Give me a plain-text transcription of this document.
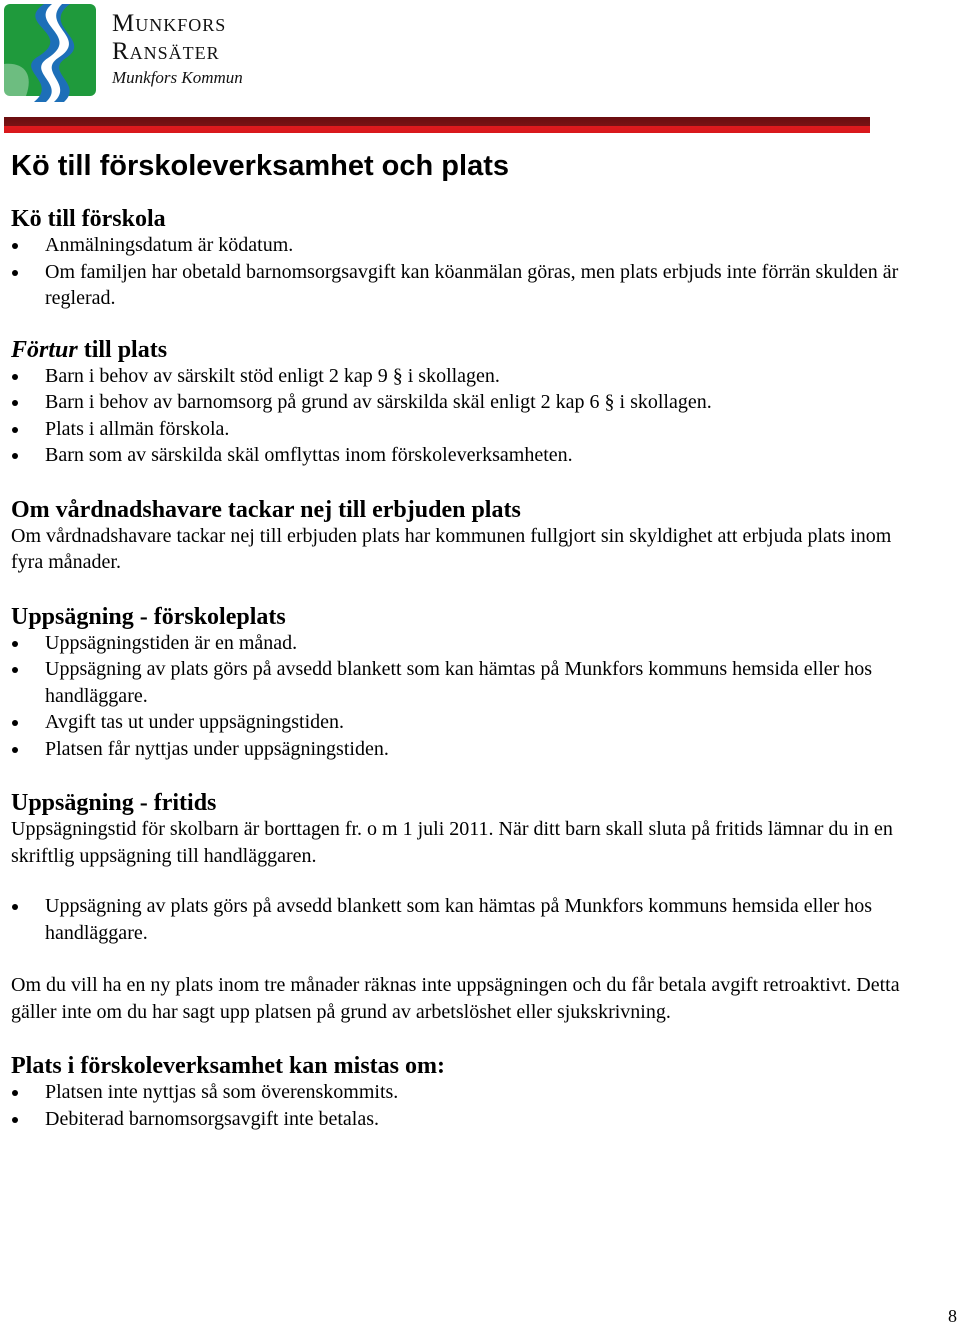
Munkfors
Ransäter
Munkfors Kommun
Kö till förskoleverksamhet och plats
Kö till förskola
Anmälningsdatum är ködatum.
Om familjen har obetald barnomsorgsavgift kan köanmälan göras, men plats erbjuds inte förrän skulden är reglerad.
Förtur till plats
Barn i behov av särskilt stöd enligt 2 kap 9 § i skollagen.
Barn i behov av barnomsorg på grund av särskilda skäl enligt 2 kap 6 § i skollagen.
Plats i allmän förskola.
Barn som av särskilda skäl omflyttas inom förskoleverksamheten.
Om vårdnadshavare tackar nej till erbjuden plats

Om vårdnadshavare tackar nej till erbjuden plats har kommunen fullgjort sin skyldighet att erbjuda plats inom fyra månader.

Uppsägning - förskoleplats
Uppsägningstiden är en månad.
Uppsägning av plats görs på avsedd blankett som kan hämtas på Munkfors kommuns hemsida eller hos handläggare.
Avgift tas ut under uppsägningstiden.
Platsen får nyttjas under uppsägningstiden.
Uppsägning - fritids

Uppsägningstid för skolbarn är borttagen fr. o m 1 juli 2011. När ditt barn skall sluta på fritids lämnar du in en skriftlig uppsägning till handläggaren.

Uppsägning av plats görs på avsedd blankett som kan hämtas på Munkfors kommuns hemsida eller hos handläggare.

Om du vill ha en ny plats inom tre månader räknas inte uppsägningen och du får betala avgift retroaktivt. Detta gäller inte om du har sagt upp platsen på grund av arbetslöshet eller sjukskrivning.

Plats i förskoleverksamhet kan mistas om:
Platsen inte nyttjas så som överenskommits.
Debiterad barnomsorgsavgift inte betalas.
8
